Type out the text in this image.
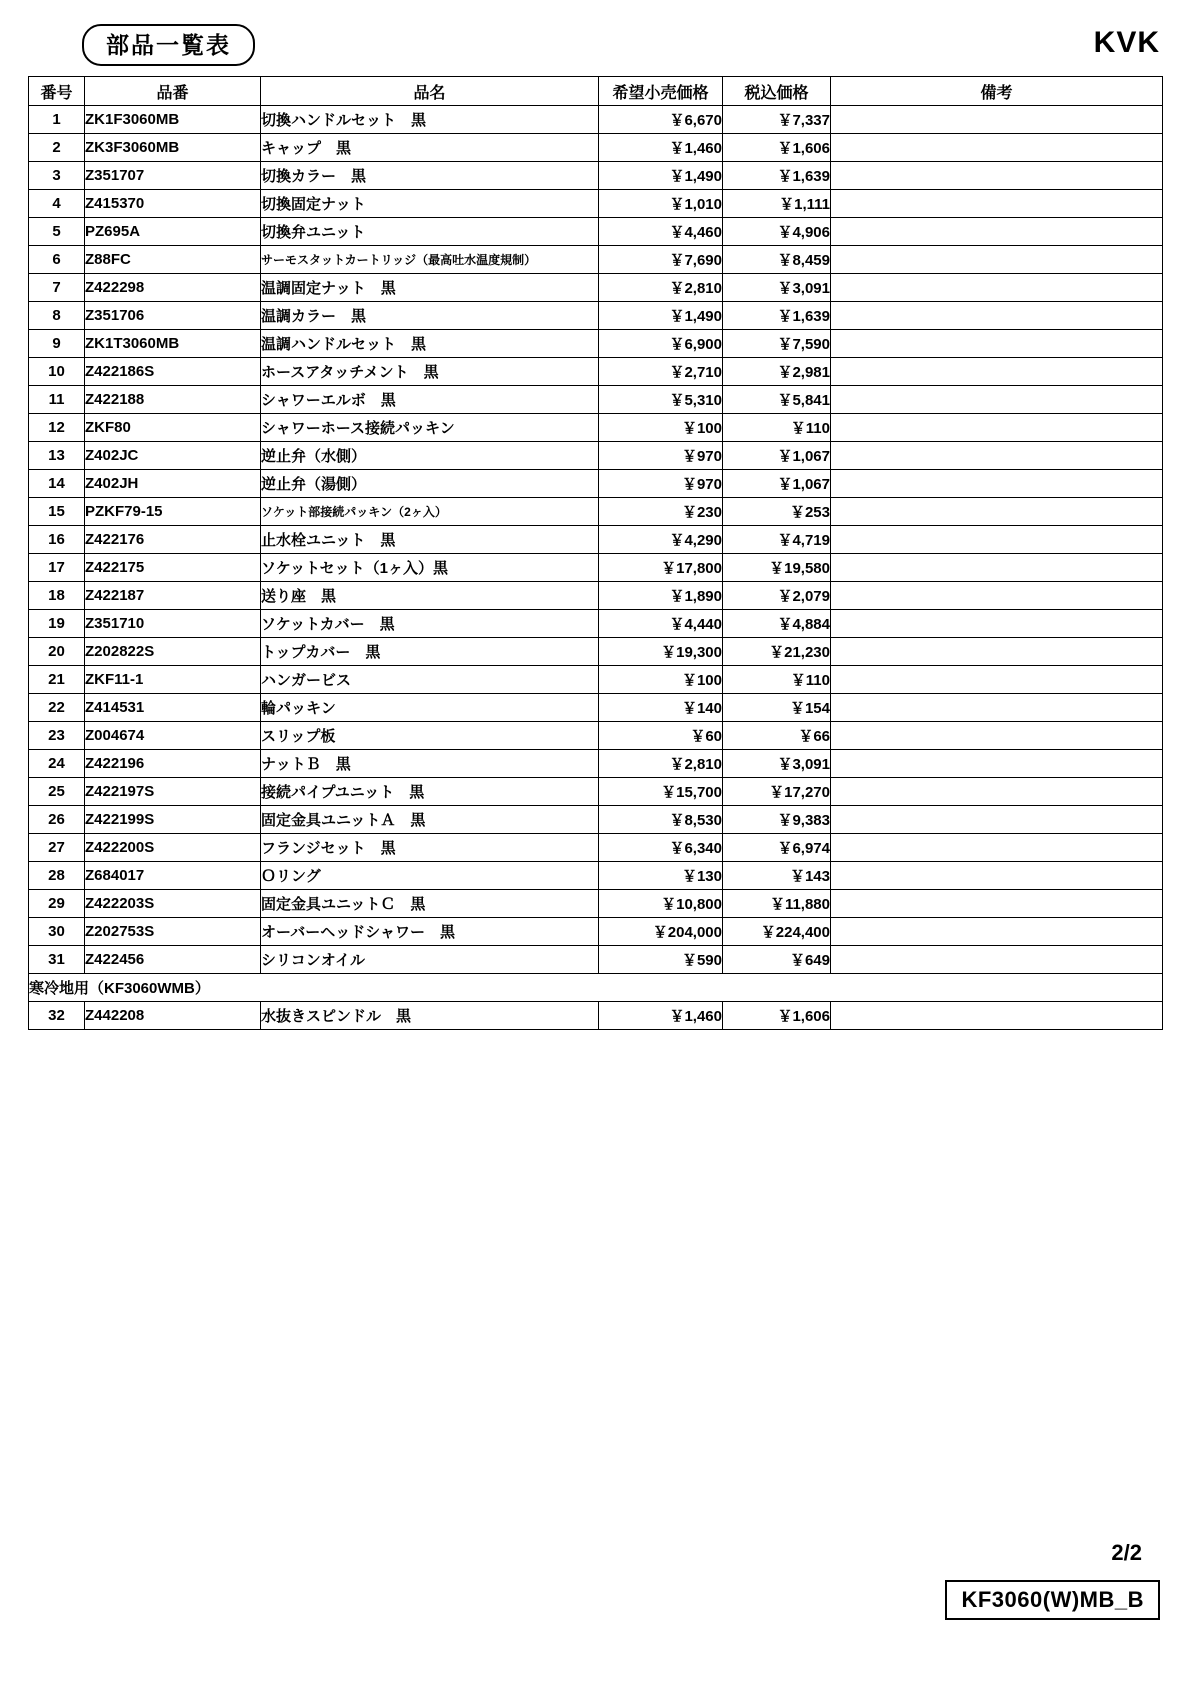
部品一覧表	KVK
番号	品番	品名	希望小売価格	税込価格	備考
1	ZK1F3060MB	切換ハンドルセット　黒	￥6,670	￥7,337	
2	ZK3F3060MB	キャップ　黒	￥1,460	￥1,606	
3	Z351707	切換カラー　黒	￥1,490	￥1,639	
4	Z415370	切換固定ナット	￥1,010	￥1,111	
5	PZ695A	切換弁ユニット	￥4,460	￥4,906	
6	Z88FC	サーモスタットカートリッジ（最高吐水温度規制）	￥7,690	￥8,459	
7	Z422298	温調固定ナット　黒	￥2,810	￥3,091	
8	Z351706	温調カラー　黒	￥1,490	￥1,639	
9	ZK1T3060MB	温調ハンドルセット　黒	￥6,900	￥7,590	
10	Z422186S	ホースアタッチメント　黒	￥2,710	￥2,981	
11	Z422188	シャワーエルボ　黒	￥5,310	￥5,841	
12	ZKF80	シャワーホース接続パッキン	￥100	￥110	
13	Z402JC	逆止弁（水側）	￥970	￥1,067	
14	Z402JH	逆止弁（湯側）	￥970	￥1,067	
15	PZKF79-15	ソケット部接続パッキン（2ヶ入）	￥230	￥253	
16	Z422176	止水栓ユニット　黒	￥4,290	￥4,719	
17	Z422175	ソケットセット（1ヶ入）黒	￥17,800	￥19,580	
18	Z422187	送り座　黒	￥1,890	￥2,079	
19	Z351710	ソケットカバー　黒	￥4,440	￥4,884	
20	Z202822S	トップカバー　黒	￥19,300	￥21,230	
21	ZKF11-1	ハンガービス	￥100	￥110	
22	Z414531	輪パッキン	￥140	￥154	
23	Z004674	スリップ板	￥60	￥66	
24	Z422196	ナットＢ　黒	￥2,810	￥3,091	
25	Z422197S	接続パイプユニット　黒	￥15,700	￥17,270	
26	Z422199S	固定金具ユニットＡ　黒	￥8,530	￥9,383	
27	Z422200S	フランジセット　黒	￥6,340	￥6,974	
28	Z684017	Ｏリング	￥130	￥143	
29	Z422203S	固定金具ユニットＣ　黒	￥10,800	￥11,880	
30	Z202753S	オーバーヘッドシャワー　黒	￥204,000	￥224,400	
31	Z422456	シリコンオイル	￥590	￥649	
寒冷地用（KF3060WMB）					
32	Z442208	水抜きスピンドル　黒	￥1,460	￥1,606	
2/2
KF3060(W)MB_B
